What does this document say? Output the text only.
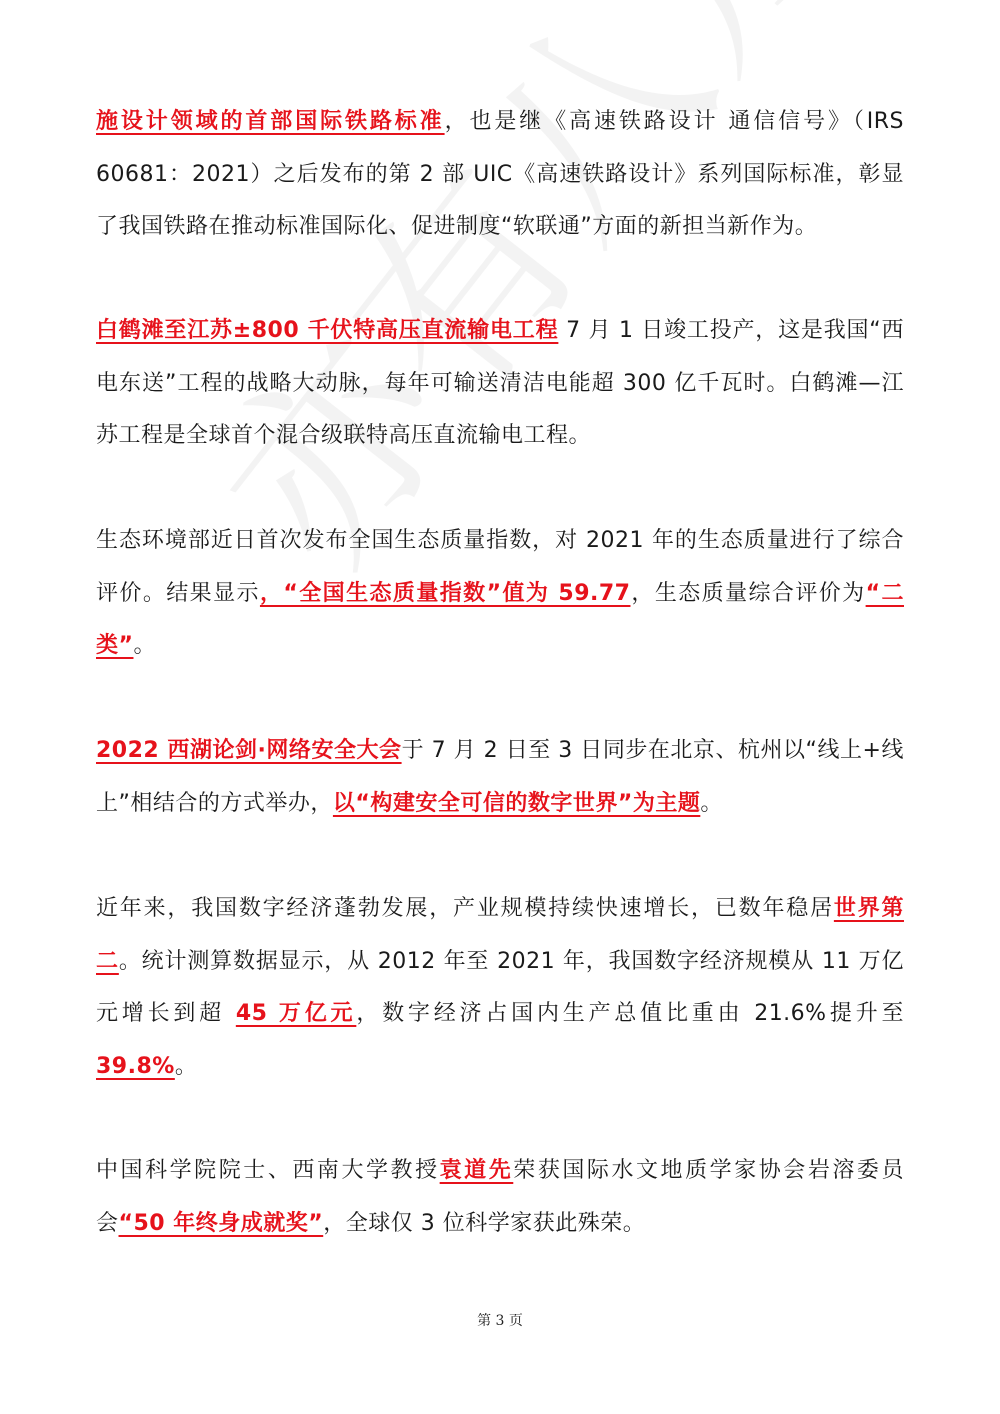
施设计领域的首部国际铁路标准，也是继《高速铁路设计 通信信号》（IRS 60681：2021）之后发布的第 2 部 UIC《高速铁路设计》系列国际标准，彰显了我国铁路在推动标准国际化、促进制度“软联通”方面的新担当新作为。

白鹤滩至江苏±800 千伏特高压直流输电工程 7 月 1 日竣工投产，这是我国“西电东送”工程的战略大动脉，每年可输送清洁电能超 300 亿千瓦时。白鹤滩—江苏工程是全球首个混合级联特高压直流输电工程。

生态环境部近日首次发布全国生态质量指数，对 2021 年的生态质量进行了综合评价。结果显示，“全国生态质量指数”值为 59.77，生态质量综合评价为“二类”。

2022 西湖论剑·网络安全大会于 7 月 2 日至 3 日同步在北京、杭州以“线上+线上”相结合的方式举办，以“构建安全可信的数字世界”为主题。

近年来，我国数字经济蓬勃发展，产业规模持续快速增长，已数年稳居世界第二。统计测算数据显示，从 2012 年至 2021 年，我国数字经济规模从 11 万亿元增长到超 45 万亿元，数字经济占国内生产总值比重由 21.6%提升至 39.8%。

中国科学院院士、西南大学教授袁道先荣获国际水文地质学家协会岩溶委员会“50 年终身成就奖”，全球仅 3 位科学家获此殊荣。

第 3 页
